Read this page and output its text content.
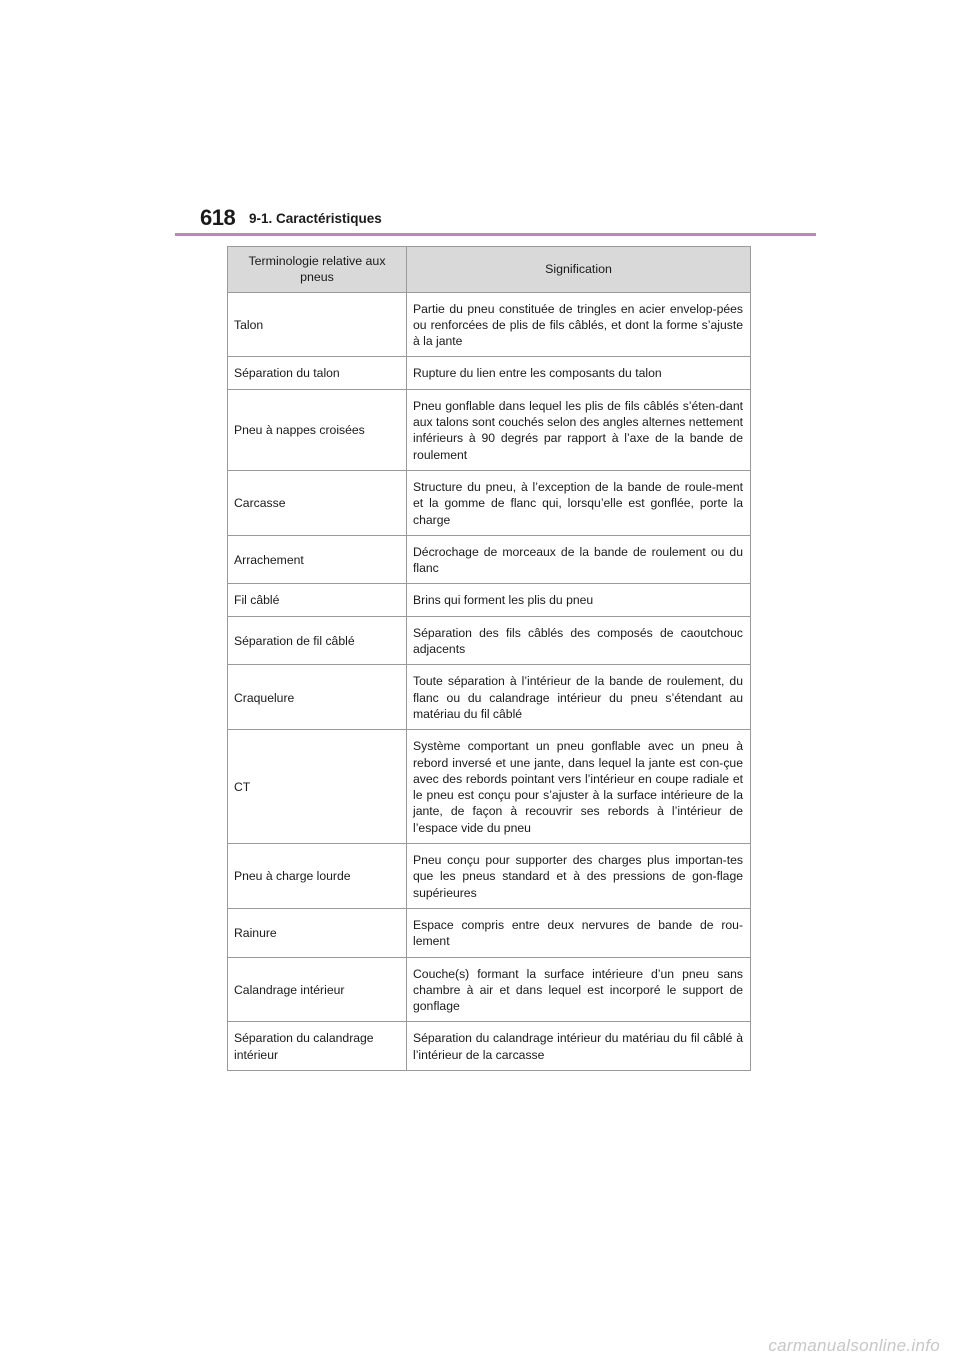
618 9-1. Caractéristiques
Terminologie relative aux pneus	Signification
Talon	Partie du pneu constituée de tringles en acier envelop-pées ou renforcées de plis de fils câblés, et dont la forme s’ajuste à la jante
Séparation du talon	Rupture du lien entre les composants du talon
Pneu à nappes croisées	Pneu gonflable dans lequel les plis de fils câblés s’éten-dant aux talons sont couchés selon des angles alternes nettement inférieurs à 90 degrés par rapport à l’axe de la bande de roulement
Carcasse	Structure du pneu, à l’exception de la bande de roule-ment et la gomme de flanc qui, lorsqu’elle est gonflée, porte la charge
Arrachement	Décrochage de morceaux de la bande de roulement ou du flanc
Fil câblé	Brins qui forment les plis du pneu
Séparation de fil câblé	Séparation des fils câblés des composés de caoutchouc adjacents
Craquelure	Toute séparation à l’intérieur de la bande de roulement, du flanc ou du calandrage intérieur du pneu s’étendant au matériau du fil câblé
CT	Système comportant un pneu gonflable avec un pneu à rebord inversé et une jante, dans lequel la jante est con-çue avec des rebords pointant vers l’intérieur en coupe radiale et le pneu est conçu pour s’ajuster à la surface intérieure de la jante, de façon à recouvrir ses rebords à l’intérieur de l’espace vide du pneu
Pneu à charge lourde	Pneu conçu pour supporter des charges plus importan-tes que les pneus standard et à des pressions de gon-flage supérieures
Rainure	Espace compris entre deux nervures de bande de rou-lement
Calandrage intérieur	Couche(s) formant la surface intérieure d’un pneu sans chambre à air et dans lequel est incorporé le support de gonflage
Séparation du calandrage intérieur	Séparation du calandrage intérieur du matériau du fil câblé à l’intérieur de la carcasse
carmanualsonline.info
